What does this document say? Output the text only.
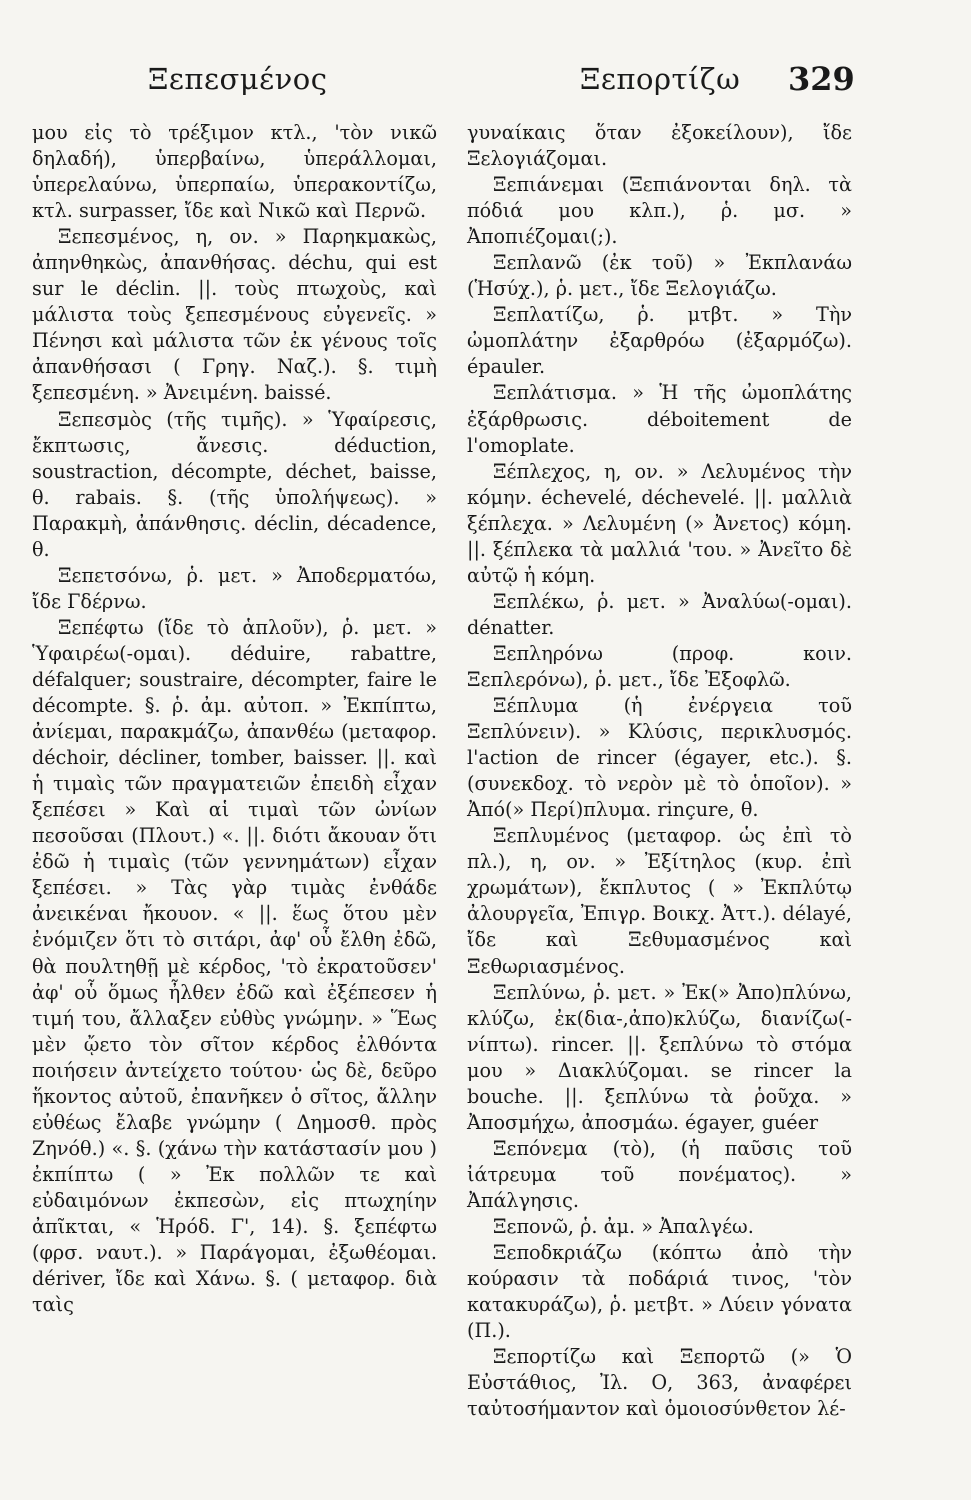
Ξεπεσμένος	Ξεπορτίζω 329

μου εἰς τὸ τρέξιμον κτλ., 'τὸν νικῶ δηλαδή), ὑπερβαίνω, ὑπεράλλομαι, ὑπερελαύνω, ὑπερπαίω, ὑπερακοντίζω, κτλ. surpasser, ἴδε καὶ Νικῶ καὶ Περνῶ.

Ξεπεσμένος, η, ον. » Παρηκμακὼς, ἀπηνθηκὼς, ἀπανθήσας. déchu, qui est sur le déclin. ||. τοὺς πτωχοὺς, καὶ μάλιστα τοὺς ξεπεσμένους εὐγενεῖς. » Πένησι καὶ μάλιστα τῶν ἐκ γένους τοῖς ἀπανθήσασι ( Γρηγ. Ναζ.). §. τιμὴ ξεπεσμένη. » Ἀνειμένη. baissé.

Ξεπεσμὸς (τῆς τιμῆς). » Ὑφαίρεσις, ἔκπτωσις, ἄνεσις. déduction, soustraction, décompte, déchet, baisse, θ. rabais. §. (τῆς ὑπολήψεως). » Παρακμὴ, ἀπάνθησις. déclin, décadence, θ.

Ξεπετσόνω, ῥ. μετ. » Ἀποδερματόω, ἴδε Γδέρνω.

Ξεπέφτω (ἴδε τὸ ἁπλοῦν), ῥ. μετ. » Ὑφαιρέω(-ομαι). déduire, rabattre, défalquer; soustraire, décompter, faire le décompte. §. ῥ. ἀμ. αὐτοπ. » Ἐκπίπτω, ἀνίεμαι, παρακμάζω, ἀπανθέω (μεταφορ. déchoir, décliner, tomber, baisser. ||. καὶ ἡ τιμαὶς τῶν πραγματειῶν ἐπειδὴ εἶχαν ξεπέσει » Καὶ αἱ τιμαὶ τῶν ὠνίων πεσοῦσαι (Πλουτ.) «. ||. διότι ἄκουαν ὅτι ἐδῶ ἡ τιμαὶς (τῶν γεννημάτων) εἶχαν ξεπέσει. » Τὰς γὰρ τιμὰς ἐνθάδε ἀνεικέναι ἤκουον. « ||. ἕως ὅτου μὲν ἐνόμιζεν ὅτι τὸ σιτάρι, ἀφ' οὗ ἔλθη ἐδῶ, θὰ πουλτηθῇ μὲ κέρδος, 'τὸ ἐκρατοῦσεν' ἀφ' οὗ ὅμως ἦλθεν ἐδῶ καὶ ἐξέπεσεν ἡ τιμή του, ἄλλαξεν εὐθὺς γνώμην. » Ἕως μὲν ᾤετο τὸν σῖτον κέρδος ἐλθόντα ποιήσειν ἀντείχετο τούτου· ὡς δὲ, δεῦρο ἥκοντος αὐτοῦ, ἐπανῆκεν ὁ σῖτος, ἄλλην εὐθέως ἔλαβε γνώμην ( Δημοσθ. πρὸς Ζηνόθ.) «. §. (χάνω τὴν κατάστασίν μου ) ἐκπίπτω ( » Ἐκ πολλῶν τε καὶ εὐδαιμόνων ἐκπεσὼν, εἰς πτωχηίην ἀπῖκται, « Ἡρόδ. Γ', 14). §. ξεπέφτω (φρσ. ναυτ.). » Παράγομαι, ἐξωθέομαι. dériver, ἴδε καὶ Χάνω. §. ( μεταφορ. διὰ ταὶς

γυναίκαις ὅταν ἐξοκείλουν), ἴδε Ξελογιάζομαι.

Ξεπιάνεμαι (Ξεπιάνονται δηλ. τὰ πόδιά μου κλπ.), ῥ. μσ. » Ἀποπιέζομαι(;).

Ξεπλανῶ (ἐκ τοῦ) » Ἐκπλανάω (Ἡσύχ.), ῥ. μετ., ἴδε Ξελογιάζω.

Ξεπλατίζω, ῥ. μτβτ. » Τὴν ὠμοπλάτην ἐξαρθρόω (ἐξαρμόζω). épauler.

Ξεπλάτισμα. » Ἡ τῆς ὠμοπλάτης ἐξάρθρωσις. déboitement de l'omoplate.

Ξέπλεχος, η, ον. » Λελυμένος τὴν κόμην. échevelé, déchevelé. ||. μαλλιὰ ξέπλεχα. » Λελυμένη (» Ἀνετος) κόμη. ||. ξέπλεκα τὰ μαλλιά 'του. » Ἀνεῖτο δὲ αὐτῷ ἡ κόμη.

Ξεπλέκω, ῥ. μετ. » Ἀναλύω(-ομαι). dénatter.

Ξεπληρόνω (προφ. κοιν. Ξεπλερόνω), ῥ. μετ., ἴδε Ἐξοφλῶ.

Ξέπλυμα (ἡ ἐνέργεια τοῦ Ξεπλύνειν). » Κλύσις, περικλυσμός. l'action de rincer (égayer, etc.). §. (συνεκδοχ. τὸ νερὸν μὲ τὸ ὁποῖον). » Ἀπό(» Περί)πλυμα. rinçure, θ.

Ξεπλυμένος (μεταφορ. ὡς ἐπὶ τὸ πλ.), η, ον. » Ἐξίτηλος (κυρ. ἐπὶ χρωμάτων), ἔκπλυτος ( » Ἐκπλύτῳ ἀλουργεῖα, Ἐπιγρ. Βοικχ. Ἀττ.). délayé, ἴδε καὶ Ξεθυμασμένος καὶ Ξεθωριασμένος.

Ξεπλύνω, ῥ. μετ. » Ἐκ(» Ἀπο)πλύνω, κλύζω, ἐκ(δια-,ἀπο)κλύζω, διανίζω(-νίπτω). rincer. ||. ξεπλύνω τὸ στόμα μου » Διακλύζομαι. se rincer la bouche. ||. ξεπλύνω τὰ ῥοῦχα. » Ἀποσμήχω, ἀποσμάω. égayer, guéer

Ξεπόνεμα (τὸ), (ἡ παῦσις τοῦ ἰάτρευμα τοῦ πονέματος). » Ἀπάλγησις.

Ξεπονῶ, ῥ. ἀμ. » Ἀπαλγέω.

Ξεποδκριάζω (κόπτω ἀπὸ τὴν κούρασιν τὰ ποδάριά τινος, 'τὸν κατακυράζω), ῥ. μετβτ. » Λύειν γόνατα (Π.).

Ξεπορτίζω καὶ Ξεπορτῶ (» Ὁ Εὐστάθιος, Ἰλ. Ο, 363, ἀναφέρει ταὐτοσήμαντον καὶ ὁμοιοσύνθετον λέ-
